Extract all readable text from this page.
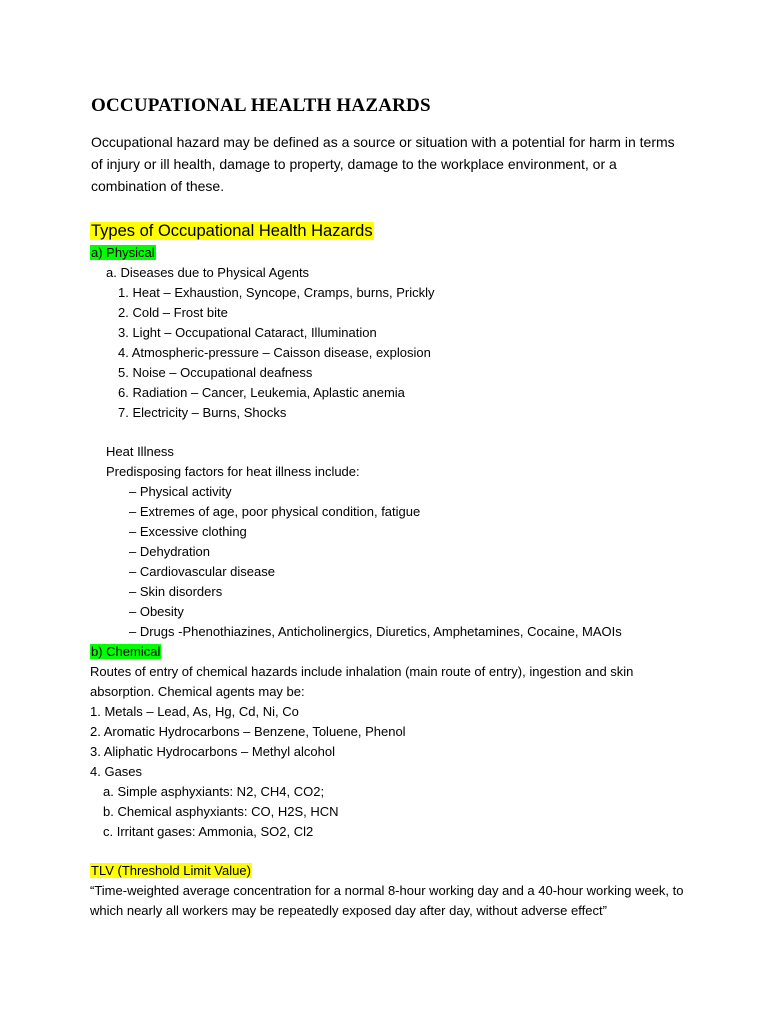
OCCUPATIONAL HEALTH HAZARDS
Occupational hazard may be defined as a source or situation with a potential for harm in terms
of injury or ill health, damage to property, damage to the workplace environment, or a
combination of these.
Types of Occupational Health Hazards
a) Physical
a. Diseases due to Physical Agents
1. Heat – Exhaustion, Syncope, Cramps, burns, Prickly
2. Cold – Frost bite
3. Light – Occupational Cataract, Illumination
4. Atmospheric-pressure – Caisson disease, explosion
5. Noise – Occupational deafness
6. Radiation – Cancer, Leukemia, Aplastic anemia
7. Electricity – Burns, Shocks
Heat Illness
Predisposing factors for heat illness include:
– Physical activity
– Extremes of age, poor physical condition, fatigue
– Excessive clothing
– Dehydration
– Cardiovascular disease
– Skin disorders
– Obesity
– Drugs -Phenothiazines, Anticholinergics, Diuretics, Amphetamines, Cocaine, MAOIs
b) Chemical
Routes of entry of chemical hazards include inhalation (main route of entry), ingestion and skin
absorption. Chemical agents may be:
1. Metals – Lead, As, Hg, Cd, Ni, Co
2. Aromatic Hydrocarbons – Benzene, Toluene, Phenol
3. Aliphatic Hydrocarbons – Methyl alcohol
4. Gases
a. Simple asphyxiants: N2, CH4, CO2;
b. Chemical asphyxiants: CO, H2S, HCN
c. Irritant gases: Ammonia, SO2, Cl2
TLV (Threshold Limit Value)
“Time-weighted average concentration for a normal 8-hour working day and a 40-hour working week, to
which nearly all workers may be repeatedly exposed day after day, without adverse effect”
